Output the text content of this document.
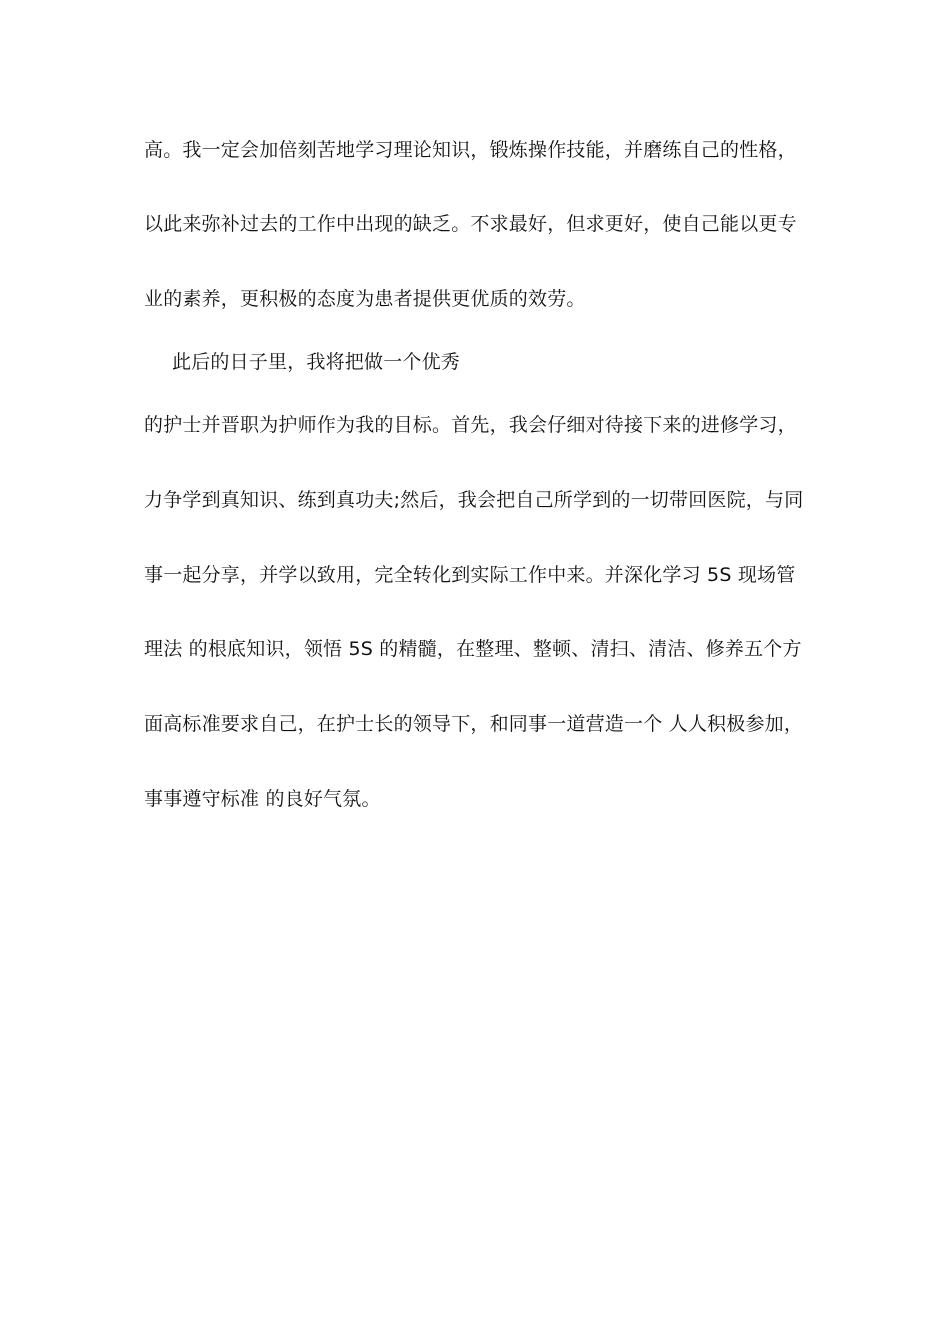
高。我一定会加倍刻苦地学习理论知识，锻炼操作技能，并磨练自己的性格，
以此来弥补过去的工作中出现的缺乏。不求最好，但求更好，使自己能以更专
业的素养，更积极的态度为患者提供更优质的效劳。
此后的日子里，我将把做一个优秀
的护士并晋职为护师作为我的目标。首先，我会仔细对待接下来的进修学习，
力争学到真知识、练到真功夫;然后，我会把自己所学到的一切带回医院，与同
事一起分享，并学以致用，完全转化到实际工作中来。并深化学习 5S 现场管
理法 的根底知识，领悟 5S 的精髓，在整理、整顿、清扫、清洁、修养五个方
面高标准要求自己，在护士长的领导下，和同事一道营造一个 人人积极参加，
事事遵守标准 的良好气氛。
